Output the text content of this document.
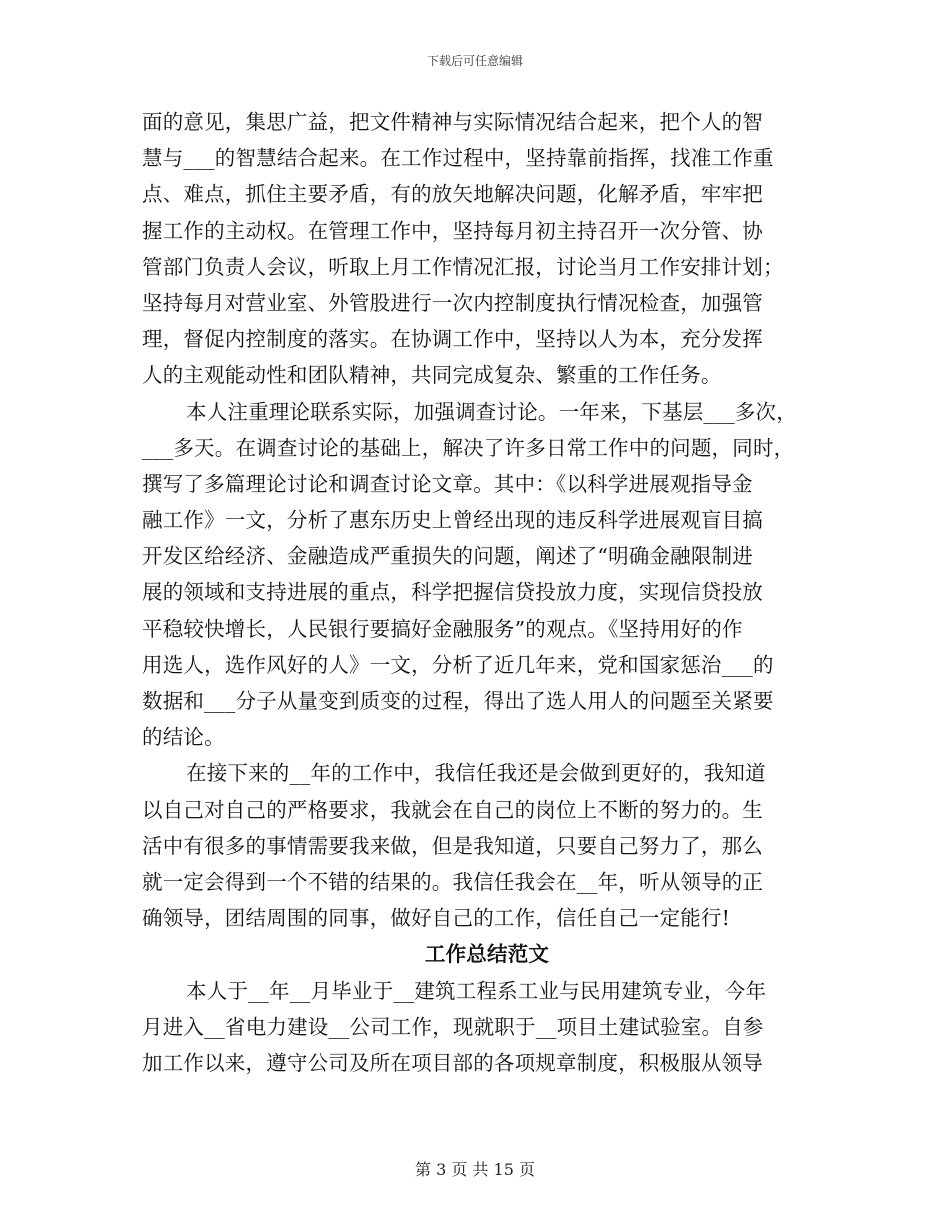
下载后可任意编辑
面的意见，集思广益，把文件精神与实际情况结合起来，把个人的智
慧与___的智慧结合起来。在工作过程中，坚持靠前指挥，找准工作重
点、难点，抓住主要矛盾，有的放矢地解决问题，化解矛盾，牢牢把
握工作的主动权。在管理工作中，坚持每月初主持召开一次分管、协
管部门负责人会议，听取上月工作情况汇报，讨论当月工作安排计划；
坚持每月对营业室、外管股进行一次内控制度执行情况检查，加强管
理，督促内控制度的落实。在协调工作中，坚持以人为本，充分发挥
人的主观能动性和团队精神，共同完成复杂、繁重的工作任务。
本人注重理论联系实际，加强调查讨论。一年来，下基层___多次，
___多天。在调查讨论的基础上，解决了许多日常工作中的问题，同时，
撰写了多篇理论讨论和调查讨论文章。其中：《以科学进展观指导金
融工作》一文，分析了惠东历史上曾经出现的违反科学进展观盲目搞
开发区给经济、金融造成严重损失的问题，阐述了“明确金融限制进
展的领域和支持进展的重点，科学把握信贷投放力度，实现信贷投放
平稳较快增长，人民银行要搞好金融服务”的观点。《坚持用好的作
用选人，选作风好的人》一文，分析了近几年来，党和国家惩治___的
数据和___分子从量变到质变的过程，得出了选人用人的问题至关紧要
的结论。
在接下来的__年的工作中，我信任我还是会做到更好的，我知道
以自己对自己的严格要求，我就会在自己的岗位上不断的努力的。生
活中有很多的事情需要我来做，但是我知道，只要自己努力了，那么
就一定会得到一个不错的结果的。我信任我会在__年，听从领导的正
确领导，团结周围的同事，做好自己的工作，信任自己一定能行!
工作总结范文
本人于__年__月毕业于__建筑工程系工业与民用建筑专业，今年
月进入__省电力建设__公司工作，现就职于__项目土建试验室。自参
加工作以来，遵守公司及所在项目部的各项规章制度，积极服从领导
第 3 页 共 15 页
